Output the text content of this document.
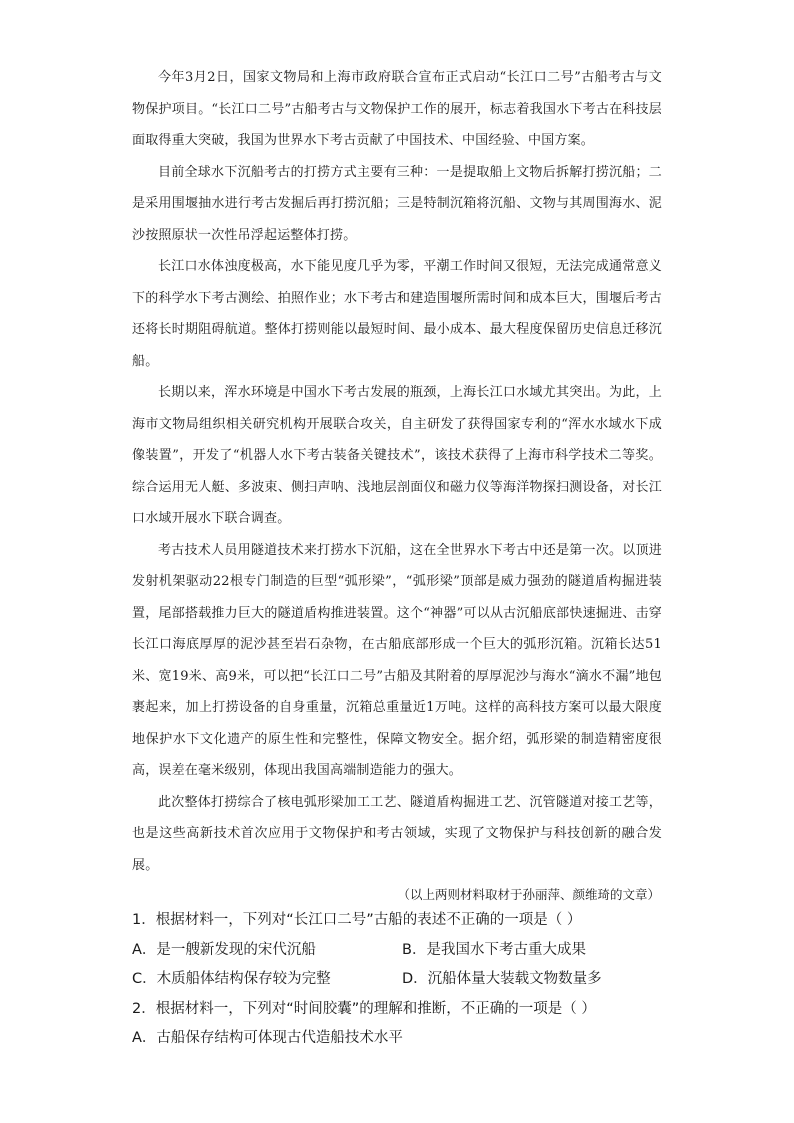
今年3月2日，国家文物局和上海市政府联合宣布正式启动“长江口二号”古船考古与文物保护项目。“长江口二号”古船考古与文物保护工作的展开，标志着我国水下考古在科技层面取得重大突破，我国为世界水下考古贡献了中国技术、中国经验、中国方案。

目前全球水下沉船考古的打捞方式主要有三种：一是提取船上文物后拆解打捞沉船；二是采用围堰抽水进行考古发掘后再打捞沉船；三是特制沉箱将沉船、文物与其周围海水、泥沙按照原状一次性吊浮起运整体打捞。

长江口水体浊度极高，水下能见度几乎为零，平潮工作时间又很短，无法完成通常意义下的科学水下考古测绘、拍照作业；水下考古和建造围堰所需时间和成本巨大，围堰后考古还将长时期阻碍航道。整体打捞则能以最短时间、最小成本、最大程度保留历史信息迁移沉船。

长期以来，浑水环境是中国水下考古发展的瓶颈，上海长江口水域尤其突出。为此，上海市文物局组织相关研究机构开展联合攻关，自主研发了获得国家专利的“浑水水域水下成像装置”，开发了“机器人水下考古装备关键技术”，该技术获得了上海市科学技术二等奖。综合运用无人艇、多波束、侧扫声呐、浅地层剖面仪和磁力仪等海洋物探扫测设备，对长江口水域开展水下联合调查。

考古技术人员用隧道技术来打捞水下沉船，这在全世界水下考古中还是第一次。以顶进发射机架驱动22根专门制造的巨型“弧形梁”，“弧形梁”顶部是威力强劲的隧道盾构掘进装置，尾部搭载推力巨大的隧道盾构推进装置。这个“神器”可以从古沉船底部快速掘进、击穿长江口海底厚厚的泥沙甚至岩石杂物，在古船底部形成一个巨大的弧形沉箱。沉箱长达51米、宽19米、高9米，可以把“长江口二号”古船及其附着的厚厚泥沙与海水“滴水不漏”地包裹起来，加上打捞设备的自身重量，沉箱总重量近1万吨。这样的高科技方案可以最大限度地保护水下文化遗产的原生性和完整性，保障文物安全。据介绍，弧形梁的制造精密度很高，误差在毫米级别，体现出我国高端制造能力的强大。

此次整体打捞综合了核电弧形梁加工工艺、隧道盾构掘进工艺、沉管隧道对接工艺等，也是这些高新技术首次应用于文物保护和考古领域，实现了文物保护与科技创新的融合发展。

（以上两则材料取材于孙丽萍、颜维琦的文章）

1．根据材料一，下列对“长江口二号”古船的表述不正确的一项是（ ）

A．是一艘新发现的宋代沉船	B．是我国水下考古重大成果
C．木质船体结构保存较为完整	D．沉船体量大装载文物数量多

2．根据材料一，下列对“时间胶囊”的理解和推断，不正确的一项是（ ）

A．古船保存结构可体现古代造船技术水平
